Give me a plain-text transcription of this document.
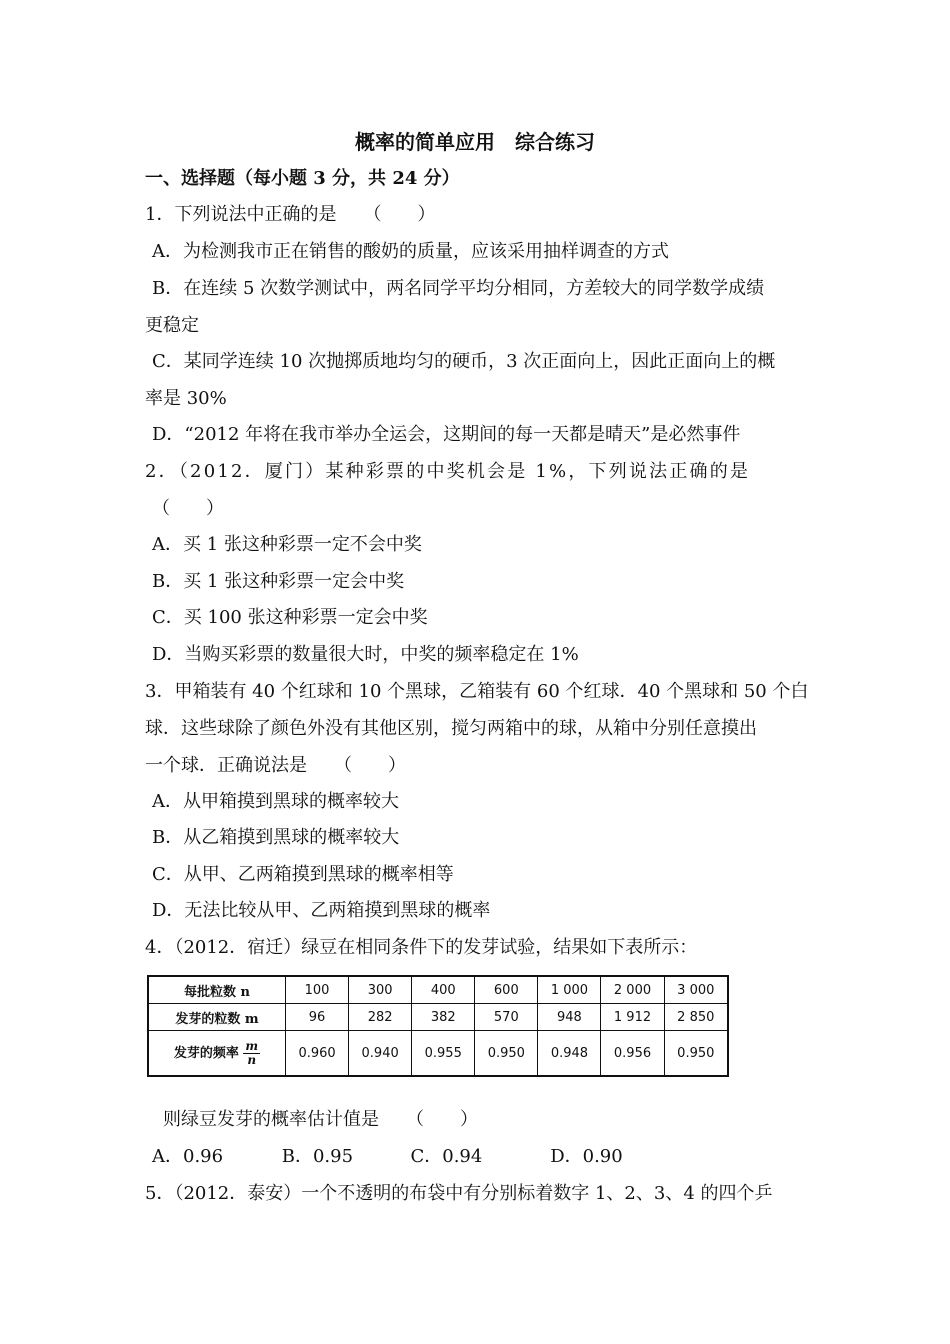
概率的简单应用　综合练习
一、选择题（每小题 3 分，共 24 分）
1．下列说法中正确的是　　（　　）
A．为检测我市正在销售的酸奶的质量，应该采用抽样调查的方式
B．在连续 5 次数学测试中，两名同学平均分相同，方差较大的同学数学成绩
更稳定
C．某同学连续 10 次抛掷质地均匀的硬币，3 次正面向上，因此正面向上的概
率是 30%
D．“2012 年将在我市举办全运会，这期间的每一天都是晴天”是必然事件
2．（2012．厦门）某种彩票的中奖机会是 1%，下列说法正确的是
（　　）
A．买 1 张这种彩票一定不会中奖
B．买 1 张这种彩票一定会中奖
C．买 100 张这种彩票一定会中奖
D．当购买彩票的数量很大时，中奖的频率稳定在 1%
3．甲箱装有 40 个红球和 10 个黑球，乙箱装有 60 个红球．40 个黑球和 50 个白
球．这些球除了颜色外没有其他区别，搅匀两箱中的球，从箱中分别任意摸出
一个球．正确说法是　　（　　）
A．从甲箱摸到黑球的概率较大
B．从乙箱摸到黑球的概率较大
C．从甲、乙两箱摸到黑球的概率相等
D．无法比较从甲、乙两箱摸到黑球的概率
4．（2012．宿迁）绿豆在相同条件下的发芽试验，结果如下表所示：
每批粒数 n	100	300	400	600	1 000	2 000	3 000
发芽的粒数 m	96	282	382	570	948	1 912	2 850
发芽的频率 $\frac{m}{n}$	0.960	0.940	0.955	0.950	0.948	0.956	0.950
则绿豆发芽的概率估计值是　　（　　）
A．0.96	B．0.95	C．0.94	D．0.90
5．（2012．泰安）一个不透明的布袋中有分别标着数字 1、2、3、4 的四个乒
